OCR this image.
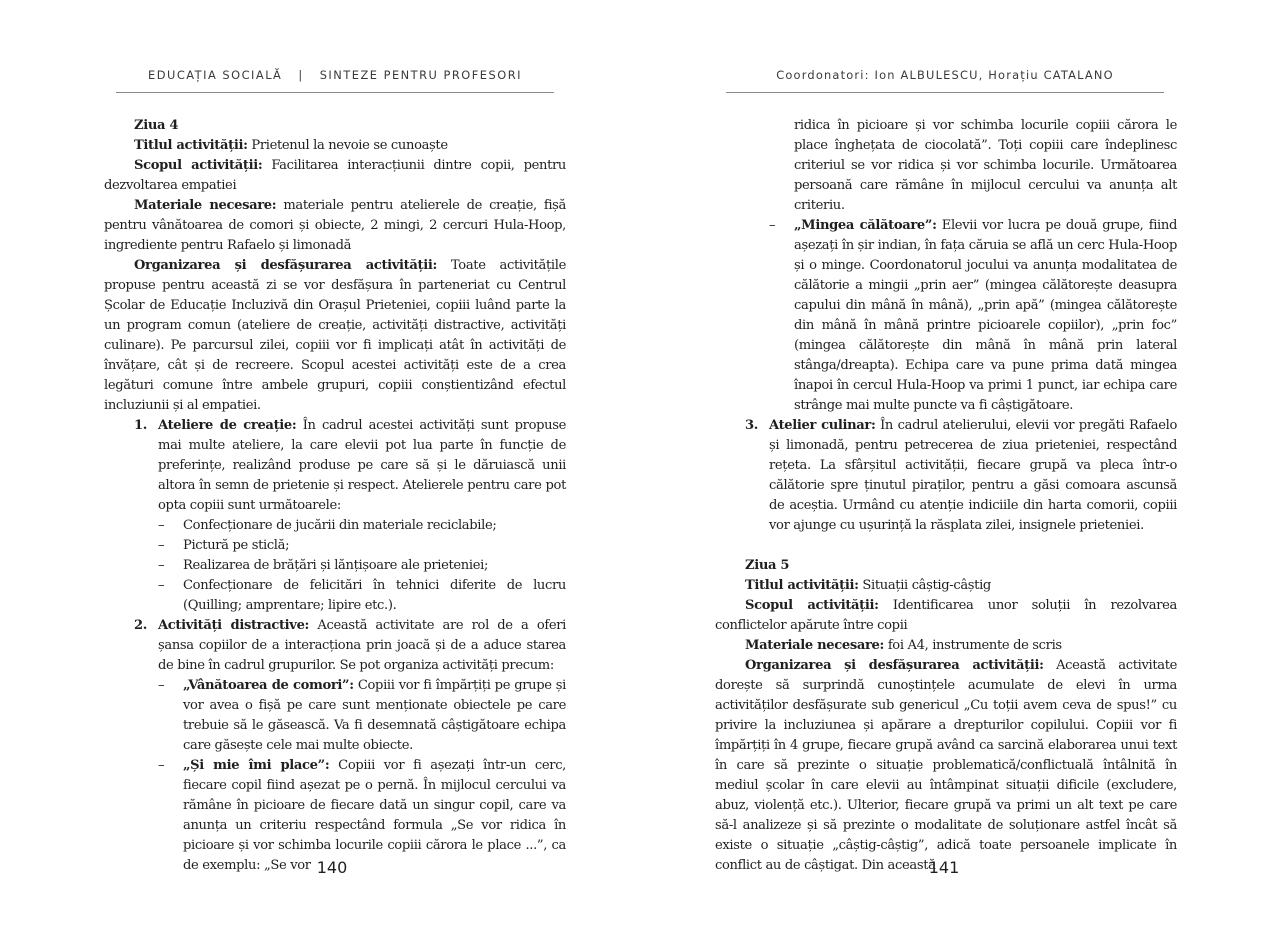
EDUCAȚIA SOCIALĂ | SINTEZE PENTRU PROFESORI

Ziua 4

Titlul activității: Prietenul la nevoie se cunoaște

Scopul activității: Facilitarea interacțiunii dintre copii, pentru dezvoltarea empatiei

Materiale necesare: materiale pentru atelierele de creație, fișă pentru vânătoarea de comori și obiecte, 2 mingi, 2 cercuri Hula-Hoop, ingrediente pentru Rafaelo și limonadă

Organizarea și desfășurarea activității: Toate activitățile propuse pentru această zi se vor desfășura în parteneriat cu Centrul Școlar de Educație Incluzivă din Orașul Prieteniei, copiii luând parte la un program comun (ateliere de creație, activități distractive, activități culinare). Pe parcursul zilei, copiii vor fi implicați atât în activități de învățare, cât și de recreere. Scopul acestei activități este de a crea legături comune între ambele grupuri, copiii conștientizând efectul incluziunii și al empatiei.

1. Ateliere de creație: În cadrul acestei activități sunt propuse mai multe ateliere, la care elevii pot lua parte în funcție de preferințe, realizând produse pe care să și le dăruiască unii altora în semn de prietenie și respect. Atelierele pentru care pot opta copiii sunt următoarele:

–	Confecționare de jucării din materiale reciclabile;
–	Pictură pe sticlă;
–	Realizarea de brățări și lănțișoare ale prieteniei;
–	Confecționare de felicitări în tehnici diferite de lucru (Quilling; amprentare; lipire etc.).
2. Activități distractive: Această activitate are rol de a oferi șansa copiilor de a interacționa prin joacă și de a aduce starea de bine în cadrul grupurilor. Se pot organiza activități precum:

–	„Vânătoarea de comori”: Copiii vor fi împărțiți pe grupe și vor avea o fișă pe care sunt menționate obiectele pe care trebuie să le găsească. Va fi desemnată câștigătoare echipa care găsește cele mai multe obiecte.
–	„Și mie îmi place”: Copiii vor fi așezați într-un cerc, fiecare copil fiind așezat pe o pernă. În mijlocul cercului va rămâne în picioare de fiecare dată un singur copil, care va anunța un criteriu respectând formula „Se vor ridica în picioare și vor schimba locurile copiii cărora le place ...”, ca de exemplu: „Se vor 140
Coordonatori: Ion ALBULESCU, Horațiu CATALANO
ridica în picioare și vor schimba locurile copiii cărora le place înghețata de ciocolată”. Toți copiii care îndeplinesc criteriul se vor ridica și vor schimba locurile. Următoarea persoană care rămâne în mijlocul cercului va anunța alt criteriu.
–	„Mingea călătoare”: Elevii vor lucra pe două grupe, fiind așezați în șir indian, în fața căruia se află un cerc Hula-Hoop și o minge. Coordonatorul jocului va anunța modalitatea de călătorie a mingii „prin aer” (mingea călătorește deasupra capului din mână în mână), „prin apă” (mingea călătorește din mână în mână printre picioarele copiilor), „prin foc” (mingea călătorește din mână în mână prin lateral stânga/dreapta). Echipa care va pune prima dată mingea înapoi în cercul Hula-Hoop va primi 1 punct, iar echipa care strânge mai multe puncte va fi câștigătoare.
3. Atelier culinar: În cadrul atelierului, elevii vor pregăti Rafaelo și limonadă, pentru petrecerea de ziua prieteniei, respectând rețeta. La sfârșitul activității, fiecare grupă va pleca într-o călătorie spre ținutul piraților, pentru a găsi comoara ascunsă de aceștia. Urmând cu atenție indiciile din harta comorii, copiii vor ajunge cu ușurință la răsplata zilei, insignele prieteniei.

Ziua 5

Titlul activității: Situații câștig-câștig

Scopul activității: Identificarea unor soluții în rezolvarea conflictelor apărute între copii

Materiale necesare: foi A4, instrumente de scris

Organizarea și desfășurarea activității: Această activitate dorește să surprindă cunoștințele acumulate de elevi în urma activităților desfășurate sub genericul „Cu toții avem ceva de spus!” cu privire la incluziunea și apărare a drepturilor copilului. Copiii vor fi împărțiți în 4 grupe, fiecare grupă având ca sarcină elaborarea unui text în care să prezinte o situație problematică/conflictuală întâlnită în mediul școlar în care elevii au întâmpinat situații dificile (excludere, abuz, violență etc.). Ulterior, fiecare grupă va primi un alt text pe care să-l analizeze și să prezinte o modalitate de soluționare astfel încât să existe o situație „câștig-câștig”, adică toate persoanele implicate în conflict au de câștigat. Din această

141
